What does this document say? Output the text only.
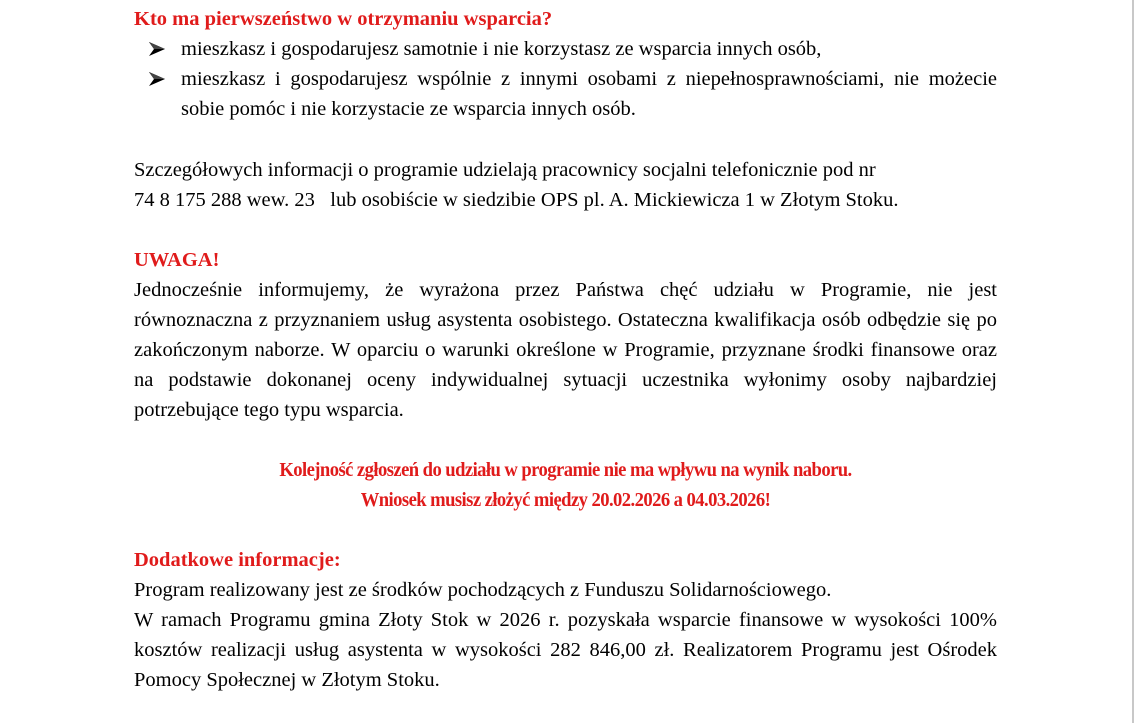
Kto ma pierwszeństwo w otrzymaniu wsparcia?
mieszkasz i gospodarujesz samotnie i nie korzystasz ze wsparcia innych osób,
mieszkasz i gospodarujesz wspólnie z innymi osobami z niepełnosprawnościami, nie możecie sobie pomóc i nie korzystacie ze wsparcia innych osób.

Szczegółowych informacji o programie udzielają pracownicy socjalni telefonicznie pod nr

74 8 175 288 wew. 23   lub osobiście w siedzibie OPS pl. A. Mickiewicza 1 w Złotym Stoku.

UWAGA!

Jednocześnie informujemy, że wyrażona przez Państwa chęć udziału w Programie, nie jest równoznaczna z przyznaniem usług asystenta osobistego. Ostateczna kwalifikacja osób odbędzie się po zakończonym naborze. W oparciu o warunki określone w Programie, przyznane środki finansowe oraz na podstawie dokonanej oceny indywidualnej sytuacji uczestnika wyłonimy osoby najbardziej potrzebujące tego typu wsparcia.

Kolejność zgłoszeń do udziału w programie nie ma wpływu na wynik naboru.

Wniosek musisz złożyć między 20.02.2026 a 04.03.2026!

Dodatkowe informacje:

Program realizowany jest ze środków pochodzących z Funduszu Solidarnościowego.

W ramach Programu gmina Złoty Stok w 2026 r. pozyskała wsparcie finansowe w wysokości 100% kosztów realizacji usług asystenta w wysokości 282 846,00 zł. Realizatorem Programu jest Ośrodek Pomocy Społecznej w Złotym Stoku.
